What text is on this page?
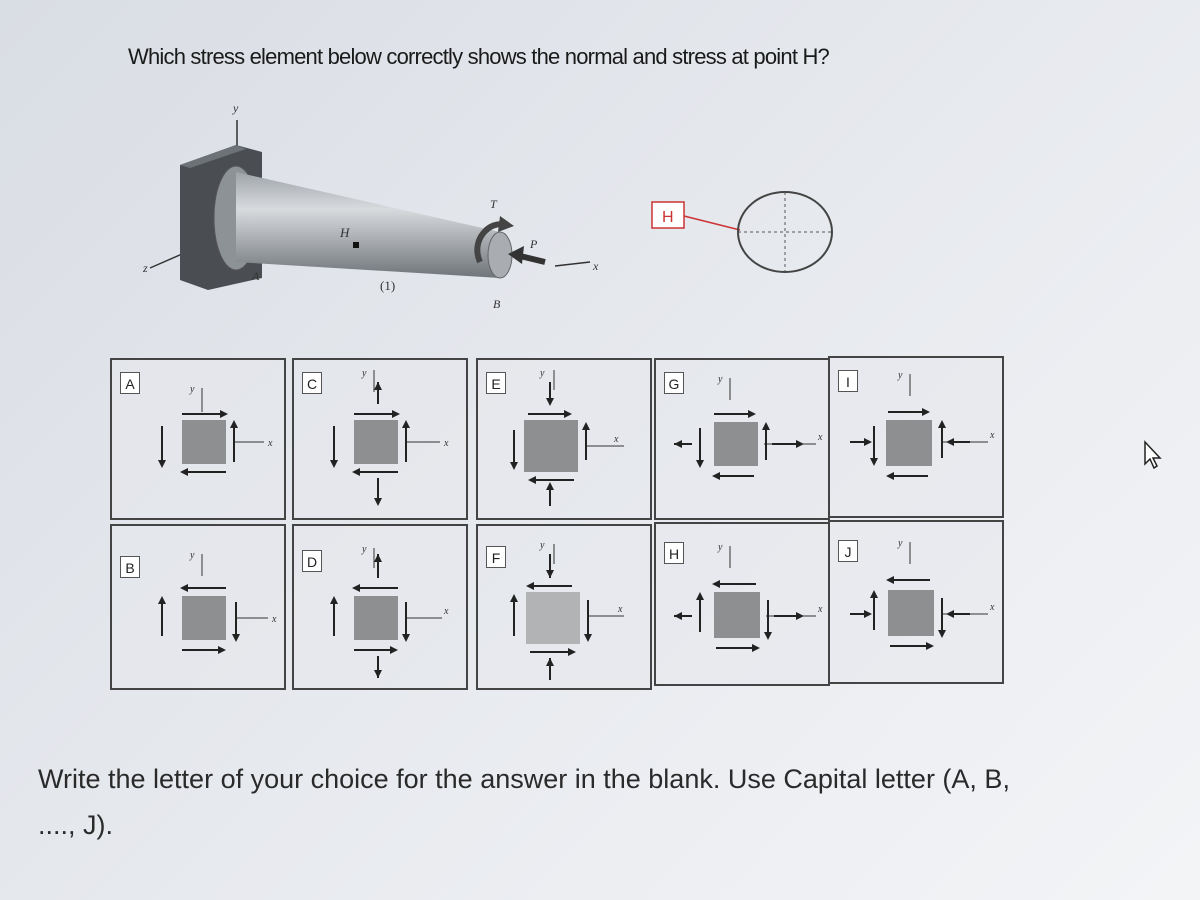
Which stress element below correctly shows the normal and stress at point H?
y
z
H
A
(1)
T
P
B
x
H
A	y
x
C
y
x
E
y
x
G	y
x
I	y
x
B
y
x
D
y
x
F
y
x
H	y
x
J
y
x
Write the letter of your choice for the answer in the blank. Use Capital letter (A, B, ...., J).
